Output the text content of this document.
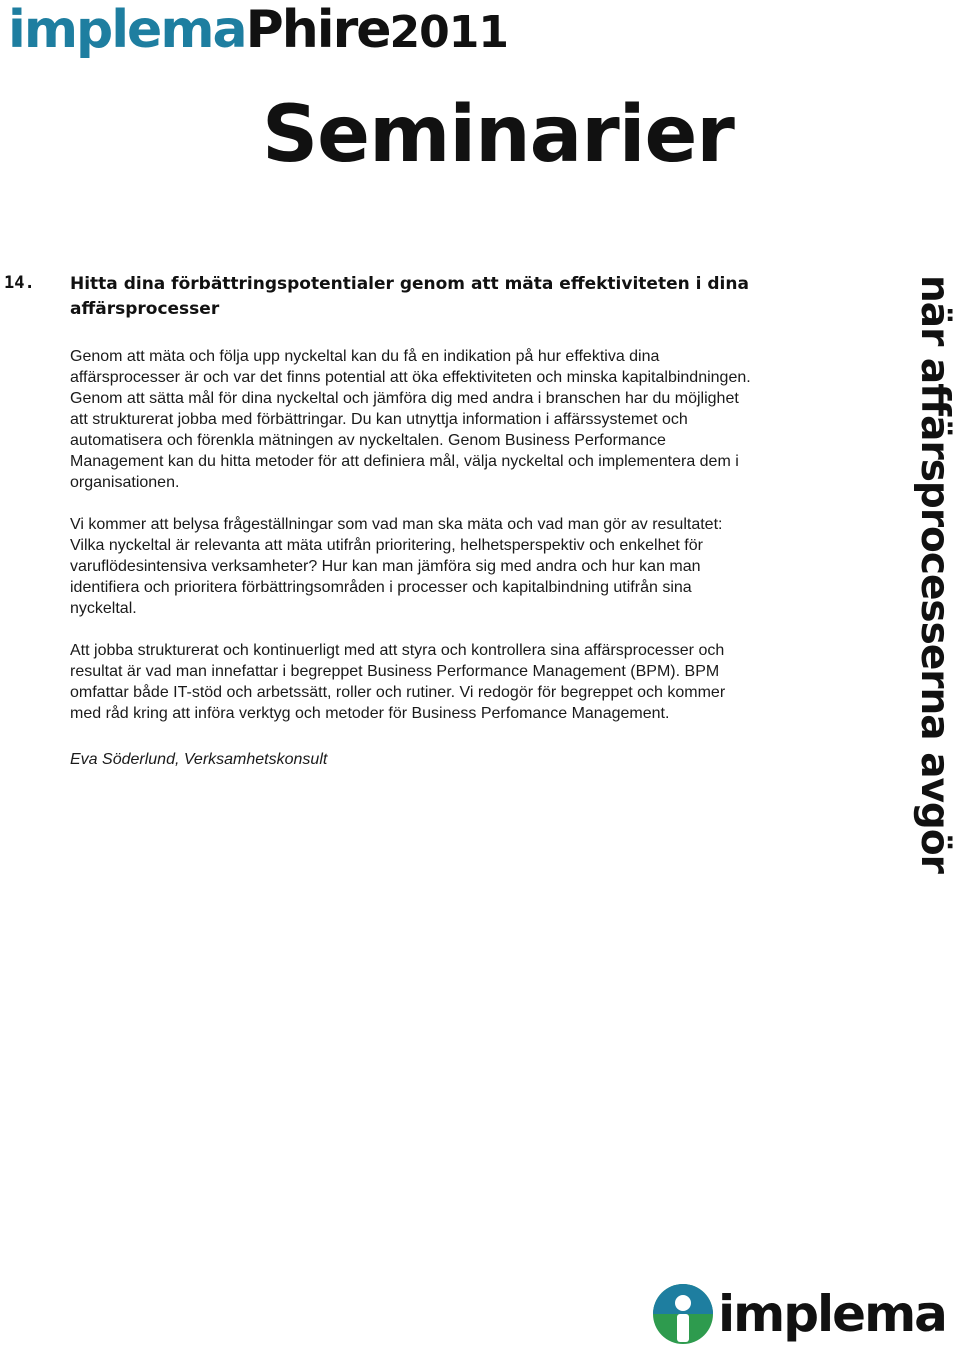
implemaPhire2011
Seminarier
14. Hitta dina förbättringspotentialer genom att mäta effektiviteten i dina affärsprocesser

Genom att mäta och följa upp nyckeltal kan du få en indikation på hur effektiva dina affärsprocesser är och var det finns potential att öka effektiviteten och minska kapitalbindningen. Genom att sätta mål för dina nyckeltal och jämföra dig med andra i branschen har du möjlighet att strukturerat jobba med förbättringar. Du kan utnyttja information i affärssystemet och automatisera och förenkla mätningen av nyckeltalen. Genom Business Performance Management kan du hitta metoder för att definiera mål, välja nyckeltal och implementera dem i organisationen.

Vi kommer att belysa frågeställningar som vad man ska mäta och vad man gör av resultatet: Vilka nyckeltal är relevanta att mäta utifrån prioritering, helhetsperspektiv och enkelhet för varuflödesintensiva verksamheter? Hur kan man jämföra sig med andra och hur kan man identifiera och prioritera förbättringsområden i processer och kapitalbindning utifrån sina nyckeltal.

Att jobba strukturerat och kontinuerligt med att styra och kontrollera sina affärsprocesser och resultat är vad man innefattar i begreppet Business Performance Management (BPM). BPM omfattar både IT-stöd och arbetssätt, roller och rutiner. Vi redogör för begreppet och kommer med råd kring att införa verktyg och metoder för Business Perfomance Management.

Eva Söderlund, Verksamhetskonsult	när affärsprocesserna avgör
implema
